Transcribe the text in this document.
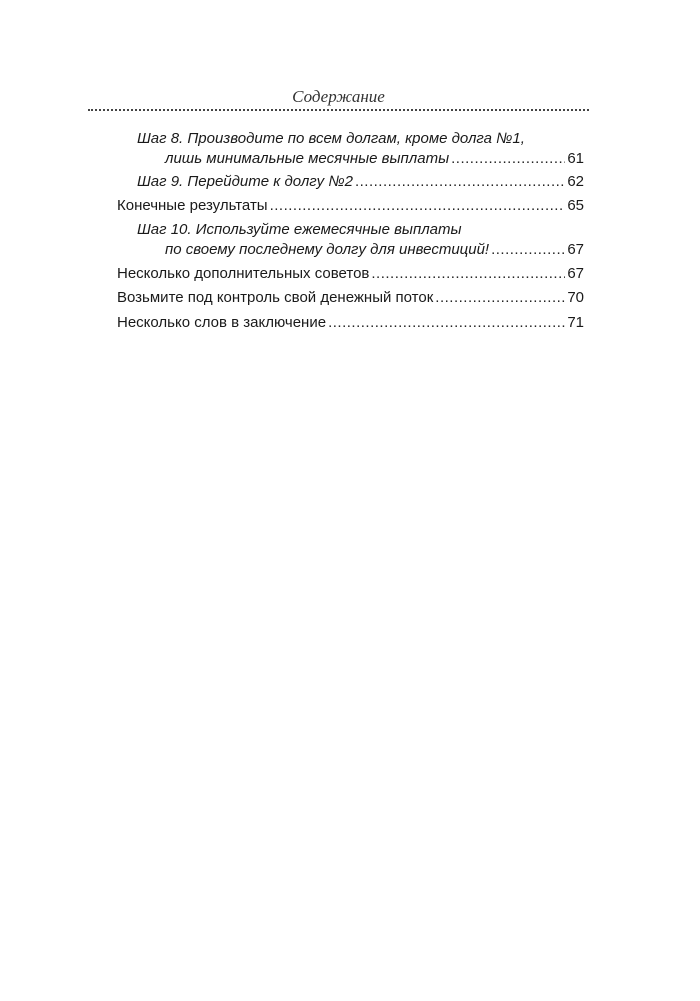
Содержание
Шаг 8. Производите по всем долгам, кроме долга №1,
лишь минимальные месячные выплаты .....	61
Шаг 9. Перейдите к долгу №2 .....	62
Конечные результаты .....	65
Шаг 10. Используйте ежемесячные выплаты
по своему последнему долгу для инвестиций! .....	67
Несколько дополнительных советов .....	67
Возьмите под контроль свой денежный поток .....	70
Несколько слов в заключение .....	71
